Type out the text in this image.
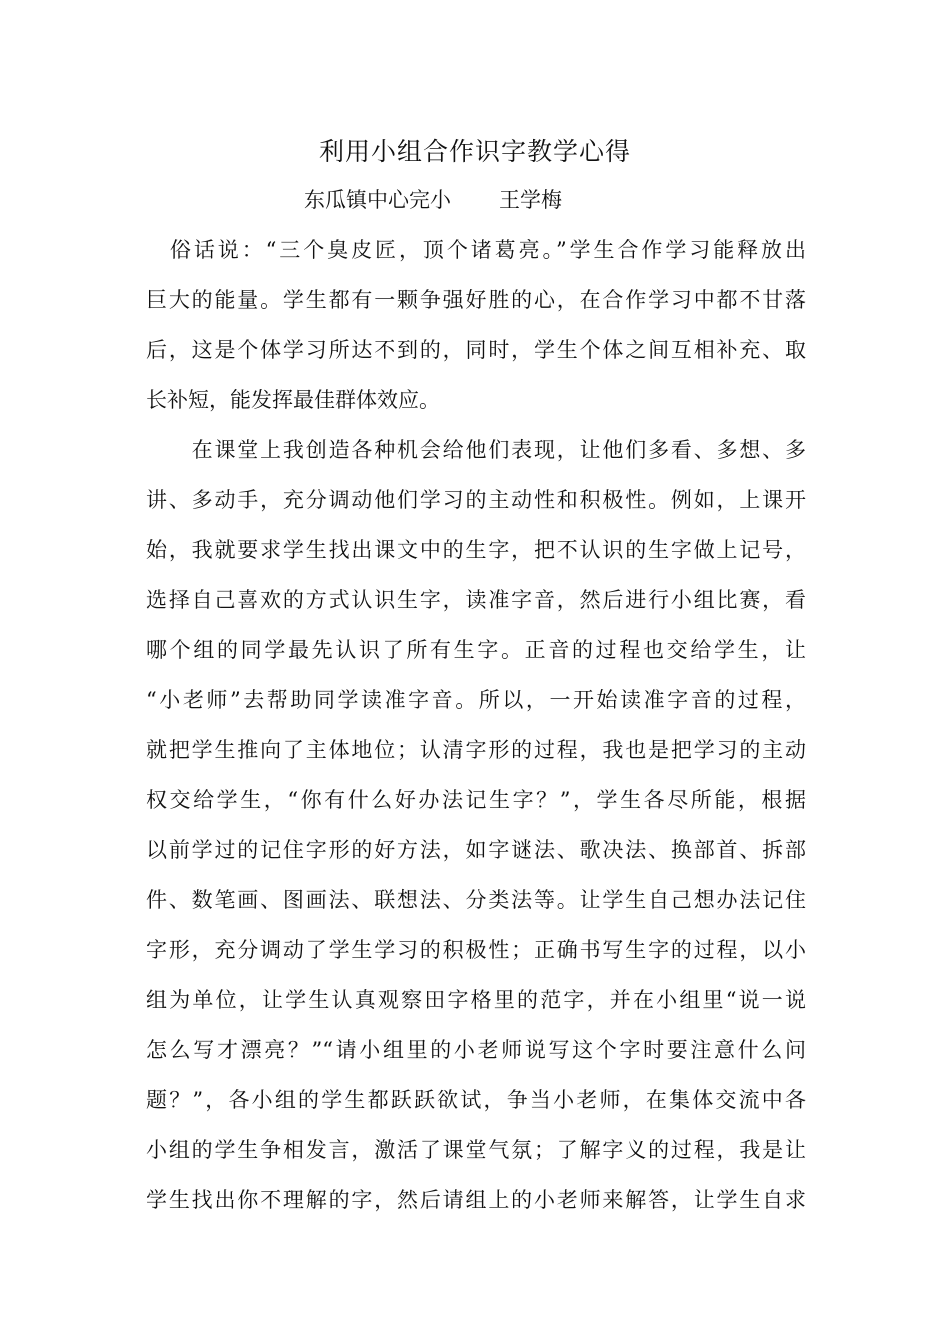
利用小组合作识字教学心得
东瓜镇中心完小 王学梅
　俗话说：“三个臭皮匠，顶个诸葛亮。”学生合作学习能释放出
巨大的能量。学生都有一颗争强好胜的心，在合作学习中都不甘落
后，这是个体学习所达不到的，同时，学生个体之间互相补充、取
长补短，能发挥最佳群体效应。
　　在课堂上我创造各种机会给他们表现，让他们多看、多想、多
讲、多动手，充分调动他们学习的主动性和积极性。例如，上课开
始，我就要求学生找出课文中的生字，把不认识的生字做上记号，
选择自己喜欢的方式认识生字，读准字音，然后进行小组比赛，看
哪个组的同学最先认识了所有生字。正音的过程也交给学生，让
“小老师”去帮助同学读准字音。所以，一开始读准字音的过程，
就把学生推向了主体地位；认清字形的过程，我也是把学习的主动
权交给学生，“你有什么好办法记生字？”，学生各尽所能，根据
以前学过的记住字形的好方法，如字谜法、歌决法、换部首、拆部
件、数笔画、图画法、联想法、分类法等。让学生自己想办法记住
字形，充分调动了学生学习的积极性；正确书写生字的过程，以小
组为单位，让学生认真观察田字格里的范字，并在小组里“说一说
怎么写才漂亮？”“请小组里的小老师说写这个字时要注意什么问
题？”，各小组的学生都跃跃欲试，争当小老师，在集体交流中各
小组的学生争相发言，激活了课堂气氛；了解字义的过程，我是让
学生找出你不理解的字，然后请组上的小老师来解答，让学生自求
